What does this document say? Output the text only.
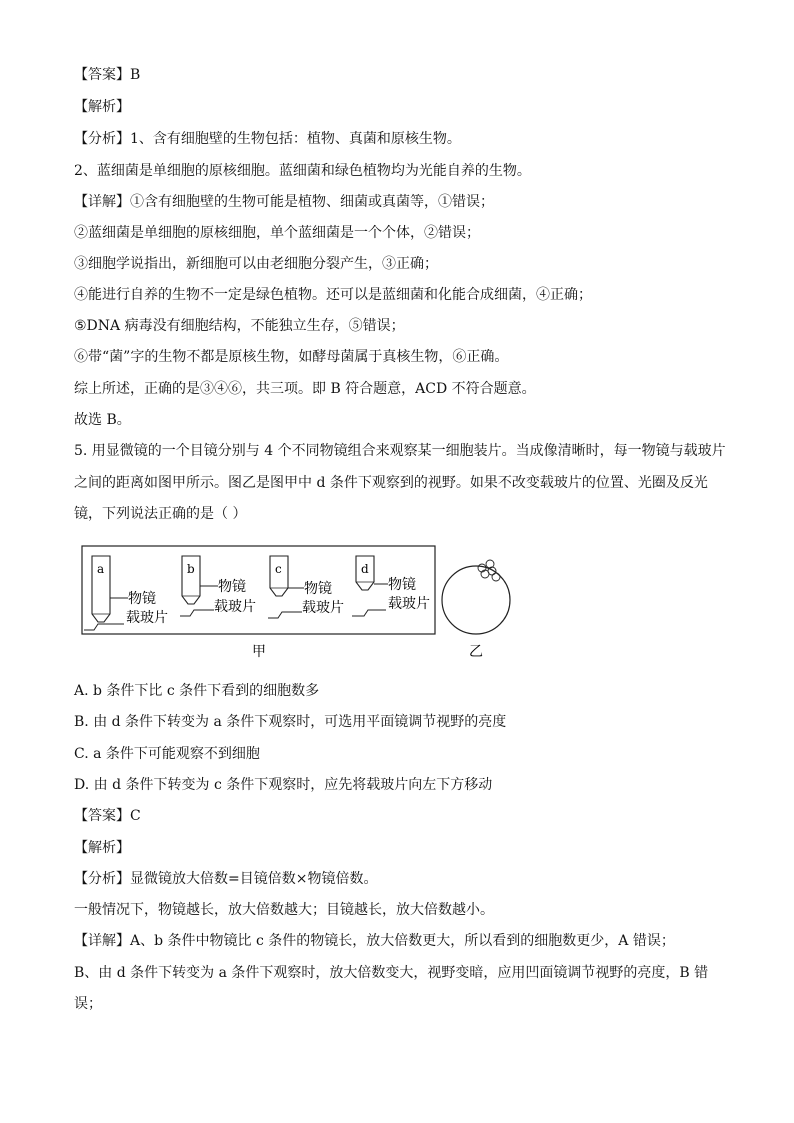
【答案】B
【解析】
【分析】1、含有细胞壁的生物包括：植物、真菌和原核生物。
2、蓝细菌是单细胞的原核细胞。蓝细菌和绿色植物均为光能自养的生物。
【详解】①含有细胞壁的生物可能是植物、细菌或真菌等，①错误；
②蓝细菌是单细胞的原核细胞，单个蓝细菌是一个个体，②错误；
③细胞学说指出，新细胞可以由老细胞分裂产生，③正确；
④能进行自养的生物不一定是绿色植物。还可以是蓝细菌和化能合成细菌，④正确；
⑤DNA 病毒没有细胞结构，不能独立生存，⑤错误；
⑥带“菌”字的生物不都是原核生物，如酵母菌属于真核生物，⑥正确。
综上所述，正确的是③④⑥，共三项。即 B 符合题意，ACD 不符合题意。
故选 B。
5. 用显微镜的一个目镜分别与 4 个不同物镜组合来观察某一细胞装片。当成像清晰时，每一物镜与载玻片
之间的距离如图甲所示。图乙是图甲中 d 条件下观察到的视野。如果不改变载玻片的位置、光圈及反光
镜，下列说法正确的是（ ）
a
物镜
载玻片
b
物镜
载玻片
c
物镜
载玻片
d
物镜
载玻片
甲	乙
A. b 条件下比 c 条件下看到的细胞数多
B. 由 d 条件下转变为 a 条件下观察时，可选用平面镜调节视野的亮度
C. a 条件下可能观察不到细胞
D. 由 d 条件下转变为 c 条件下观察时，应先将载玻片向左下方移动
【答案】C
【解析】
【分析】显微镜放大倍数=目镜倍数×物镜倍数。
一般情况下，物镜越长，放大倍数越大；目镜越长，放大倍数越小。
【详解】A、b 条件中物镜比 c 条件的物镜长，放大倍数更大，所以看到的细胞数更少，A 错误；
B、由 d 条件下转变为 a 条件下观察时，放大倍数变大，视野变暗，应用凹面镜调节视野的亮度，B 错
误；
